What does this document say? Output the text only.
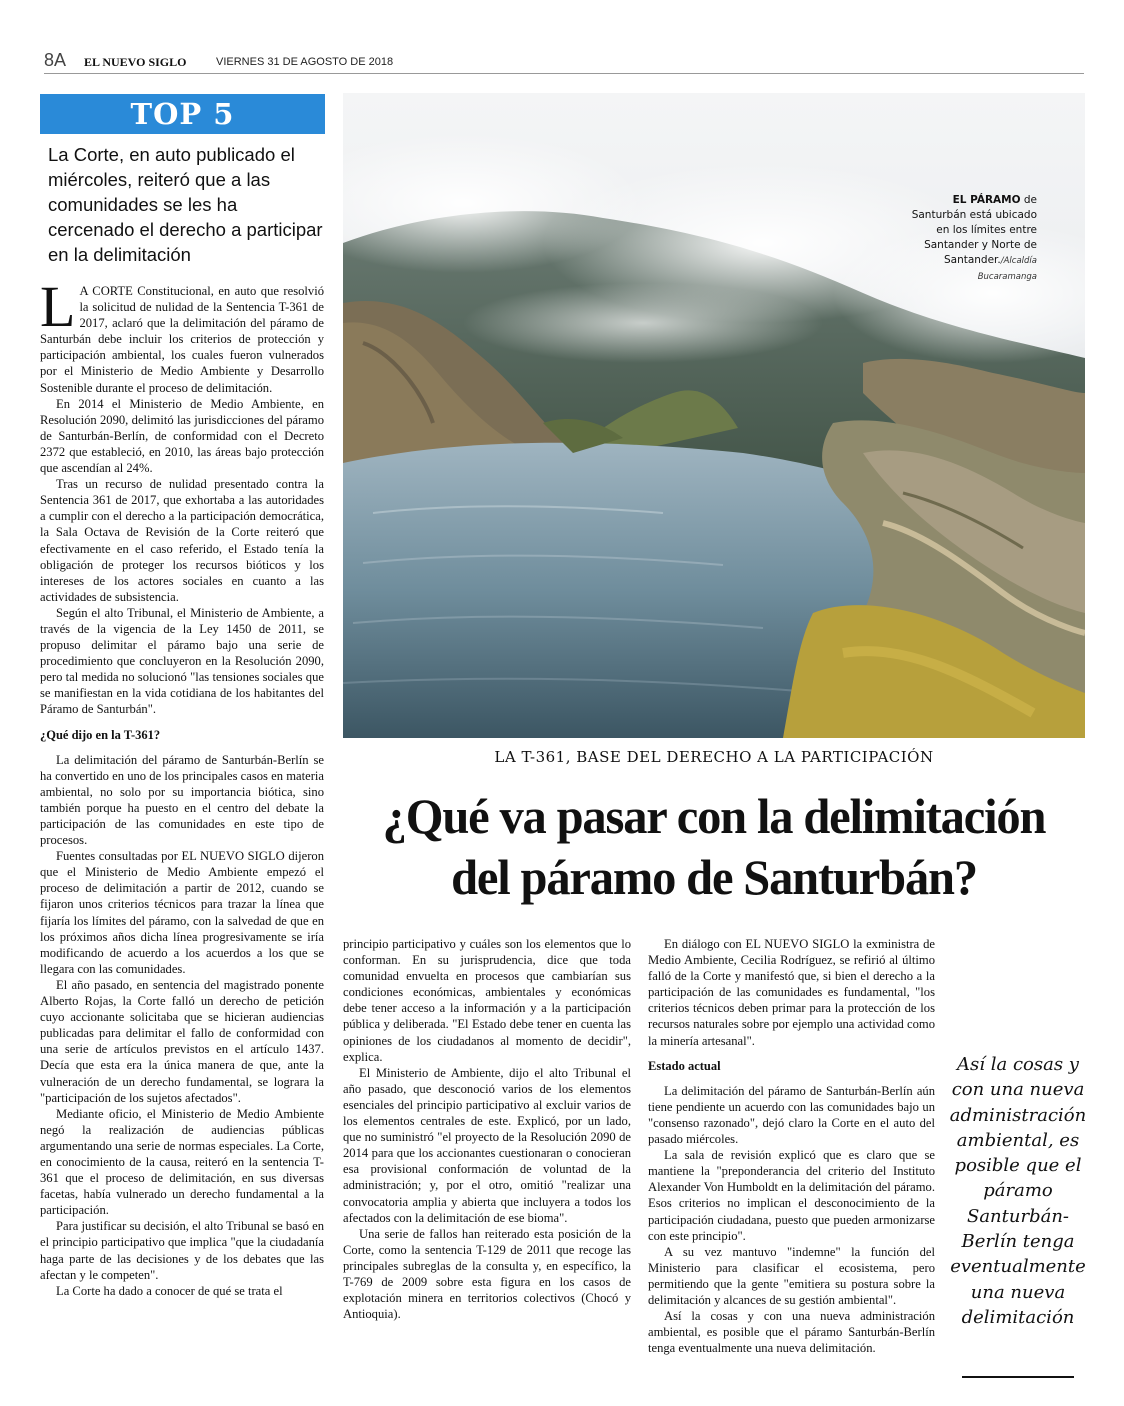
8A EL NUEVO SIGLO	VIERNES 31 DE AGOSTO DE 2018
TOP 5
La Corte, en auto publicado el miércoles, reiteró que a las comunidades se les ha cercenado el derecho a participar en la delimitación

L A CORTE Constitucional, en auto que resolvió la solicitud de nulidad de la Sentencia T-361 de 2017, aclaró que la delimitación del páramo de Santurbán debe incluir los criterios de protección y participación ambiental, los cuales fueron vulnerados por el Ministerio de Medio Ambiente y Desarrollo Sostenible durante el proceso de delimitación.

En 2014 el Ministerio de Medio Ambiente, en Resolución 2090, delimitó las jurisdicciones del páramo de Santurbán-Berlín, de conformidad con el Decreto 2372 que estableció, en 2010, las áreas bajo protección que ascendían al 24%.

Tras un recurso de nulidad presentado contra la Sentencia 361 de 2017, que exhortaba a las autoridades a cumplir con el derecho a la participación democrática, la Sala Octava de Revisión de la Corte reiteró que efectivamente en el caso referido, el Estado tenía la obligación de proteger los recursos bióticos y los intereses de los actores sociales en cuanto a las actividades de subsistencia.

Según el alto Tribunal, el Ministerio de Ambiente, a través de la vigencia de la Ley 1450 de 2011, se propuso delimitar el páramo bajo una serie de procedimiento que concluyeron en la Resolución 2090, pero tal medida no solucionó "las tensiones sociales que se manifiestan en la vida cotidiana de los habitantes del Páramo de Santurbán".

¿Qué dijo en la T-361?

La delimitación del páramo de Santurbán-Berlín se ha convertido en uno de los principales casos en materia ambiental, no solo por su importancia biótica, sino también porque ha puesto en el centro del debate la participación de las comunidades en este tipo de procesos.

Fuentes consultadas por EL NUEVO SIGLO dijeron que el Ministerio de Medio Ambiente empezó el proceso de delimitación a partir de 2012, cuando se fijaron unos criterios técnicos para trazar la línea que fijaría los límites del páramo, con la salvedad de que en los próximos años dicha línea progresivamente se iría modificando de acuerdo a los acuerdos a los que se llegara con las comunidades.

El año pasado, en sentencia del magistrado ponente Alberto Rojas, la Corte falló un derecho de petición cuyo accionante solicitaba que se hicieran audiencias publicadas para delimitar el fallo de conformidad con una serie de artículos previstos en el artículo 1437. Decía que esta era la única manera de que, ante la vulneración de un derecho fundamental, se lograra la "participación de los sujetos afectados".

Mediante oficio, el Ministerio de Medio Ambiente negó la realización de audiencias públicas argumentando una serie de normas especiales. La Corte, en conocimiento de la causa, reiteró en la sentencia T-361 que el proceso de delimitación, en sus diversas facetas, había vulnerado un derecho fundamental a la participación.

Para justificar su decisión, el alto Tribunal se basó en el principio participativo que implica "que la ciudadanía haga parte de las decisiones y de los debates que las afectan y le competen".

La Corte ha dado a conocer de qué se trata el

EL PÁRAMO de Santurbán está ubicado en los límites entre Santander y Norte de Santander./Alcaldía Bucaramanga
LA T-361, BASE DEL DERECHO A LA PARTICIPACIÓN
¿Qué va pasar con la delimitación del páramo de Santurbán?

principio participativo y cuáles son los elementos que lo conforman. En su jurisprudencia, dice que toda comunidad envuelta en procesos que cambiarían sus condiciones económicas, ambientales y económicas debe tener acceso a la información y a la participación pública y deliberada. "El Estado debe tener en cuenta las opiniones de los ciudadanos al momento de decidir", explica.

El Ministerio de Ambiente, dijo el alto Tribunal el año pasado, que desconoció varios de los elementos esenciales del principio participativo al excluir varios de los elementos centrales de este. Explicó, por un lado, que no suministró "el proyecto de la Resolución 2090 de 2014 para que los accionantes cuestionaran o conocieran esa provisional conformación de voluntad de la administración; y, por el otro, omitió "realizar una convocatoria amplia y abierta que incluyera a todos los afectados con la delimitación de ese bioma".

Una serie de fallos han reiterado esta posición de la Corte, como la sentencia T-129 de 2011 que recoge las principales subreglas de la consulta y, en específico, la T-769 de 2009 sobre esta figura en los casos de explotación minera en territorios colectivos (Chocó y Antioquia).

En diálogo con EL NUEVO SIGLO la exministra de Medio Ambiente, Cecilia Rodríguez, se refirió al último falló de la Corte y manifestó que, si bien el derecho a la participación de las comunidades es fundamental, "los criterios técnicos deben primar para la protección de los recursos naturales sobre por ejemplo una actividad como la minería artesanal".

Estado actual

La delimitación del páramo de Santurbán-Berlín aún tiene pendiente un acuerdo con las comunidades bajo un "consenso razonado", dejó claro la Corte en el auto del pasado miércoles.

La sala de revisión explicó que es claro que se mantiene la "preponderancia del criterio del Instituto Alexander Von Humboldt en la delimitación del páramo. Esos criterios no implican el desconocimiento de la participación ciudadana, puesto que pueden armonizarse con este principio".

A su vez mantuvo "indemne" la función del Ministerio para clasificar el ecosistema, pero permitiendo que la gente "emitiera su postura sobre la delimitación y alcances de su gestión ambiental".

Así la cosas y con una nueva administración ambiental, es posible que el páramo Santurbán-Berlín tenga eventualmente una nueva delimitación.

Así la cosas y con una nueva administración ambiental, es posible que el páramo Santurbán-Berlín tenga eventualmente una nueva delimitación
